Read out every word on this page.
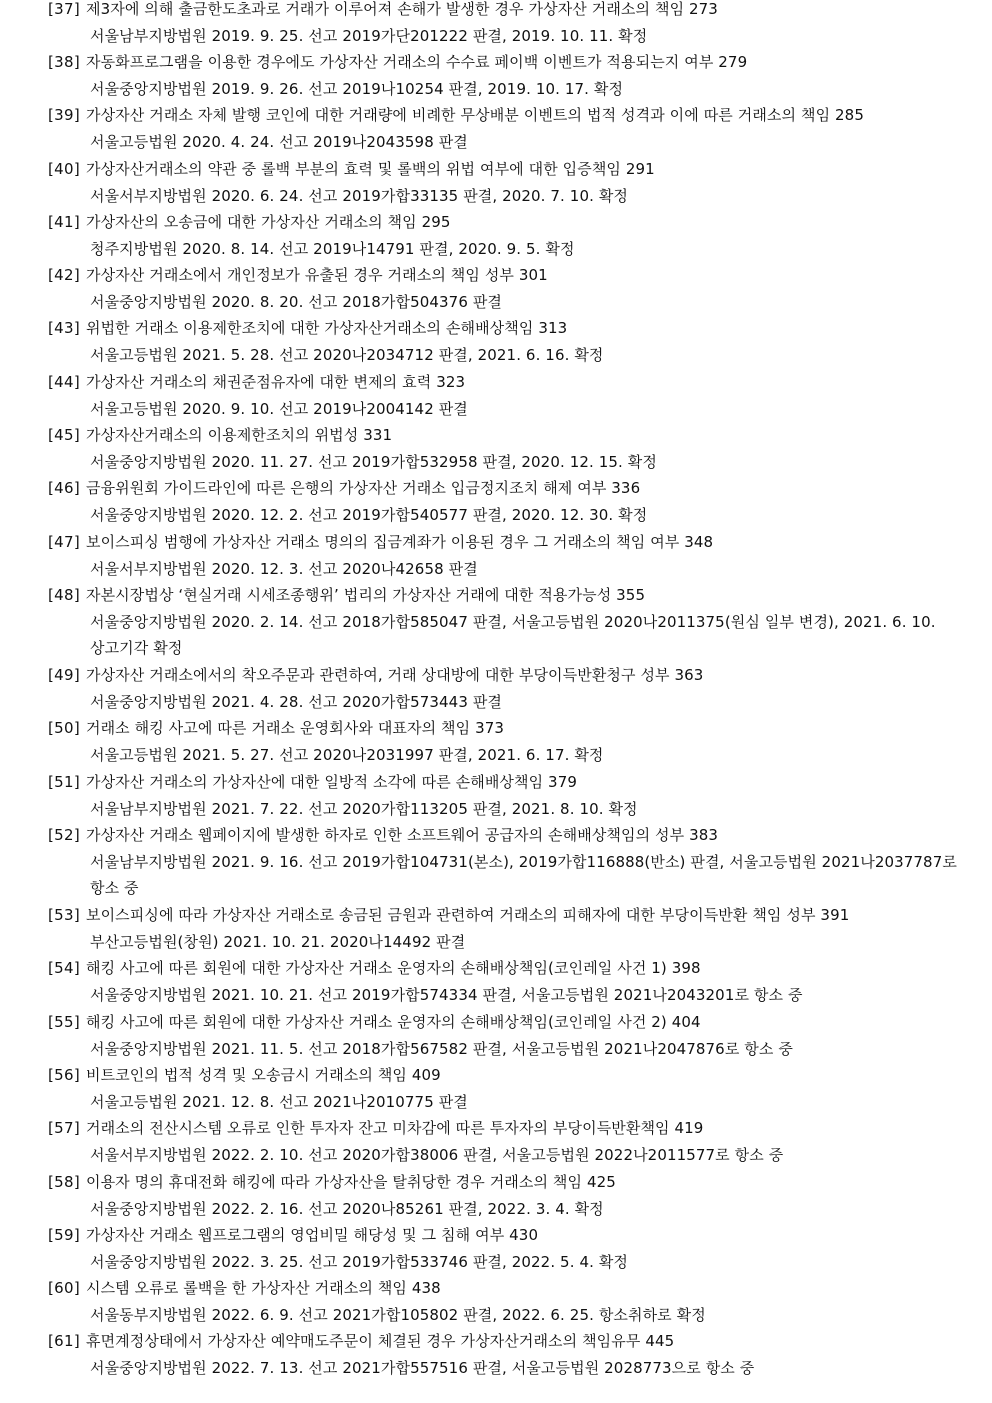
[37] 제3자에 의해 출금한도초과로 거래가 이루어져 손해가 발생한 경우 가상자산 거래소의 책임 273
서울남부지방법원 2019. 9. 25. 선고 2019가단201222 판결, 2019. 10. 11. 확정
[38] 자동화프로그램을 이용한 경우에도 가상자산 거래소의 수수료 페이백 이벤트가 적용되는지 여부 279
서울중앙지방법원 2019. 9. 26. 선고 2019나10254 판결, 2019. 10. 17. 확정
[39] 가상자산 거래소 자체 발행 코인에 대한 거래량에 비례한 무상배분 이벤트의 법적 성격과 이에 따른 거래소의 책임 285
서울고등법원 2020. 4. 24. 선고 2019나2043598 판결
[40] 가상자산거래소의 약관 중 롤백 부분의 효력 및 롤백의 위법 여부에 대한 입증책임 291
서울서부지방법원 2020. 6. 24. 선고 2019가합33135 판결, 2020. 7. 10. 확정
[41] 가상자산의 오송금에 대한 가상자산 거래소의 책임 295
청주지방법원 2020. 8. 14. 선고 2019나14791 판결, 2020. 9. 5. 확정
[42] 가상자산 거래소에서 개인정보가 유출된 경우 거래소의 책임 성부 301
서울중앙지방법원 2020. 8. 20. 선고 2018가합504376 판결
[43] 위법한 거래소 이용제한조치에 대한 가상자산거래소의 손해배상책임 313
서울고등법원 2021. 5. 28. 선고 2020나2034712 판결, 2021. 6. 16. 확정
[44] 가상자산 거래소의 채권준점유자에 대한 변제의 효력 323
서울고등법원 2020. 9. 10. 선고 2019나2004142 판결
[45] 가상자산거래소의 이용제한조치의 위법성 331
서울중앙지방법원 2020. 11. 27. 선고 2019가합532958 판결, 2020. 12. 15. 확정
[46] 금융위원회 가이드라인에 따른 은행의 가상자산 거래소 입금정지조치 해제 여부 336
서울중앙지방법원 2020. 12. 2. 선고 2019가합540577 판결, 2020. 12. 30. 확정
[47] 보이스피싱 범행에 가상자산 거래소 명의의 집금계좌가 이용된 경우 그 거래소의 책임 여부 348
서울서부지방법원 2020. 12. 3. 선고 2020나42658 판결
[48] 자본시장법상 ‘현실거래 시세조종행위’ 법리의 가상자산 거래에 대한 적용가능성 355
서울중앙지방법원 2020. 2. 14. 선고 2018가합585047 판결, 서울고등법원 2020나2011375(원심 일부 변경), 2021. 6. 10. 상고기각 확정
[49] 가상자산 거래소에서의 착오주문과 관련하여, 거래 상대방에 대한 부당이득반환청구 성부 363
서울중앙지방법원 2021. 4. 28. 선고 2020가합573443 판결
[50] 거래소 해킹 사고에 따른 거래소 운영회사와 대표자의 책임 373
서울고등법원 2021. 5. 27. 선고 2020나2031997 판결, 2021. 6. 17. 확정
[51] 가상자산 거래소의 가상자산에 대한 일방적 소각에 따른 손해배상책임 379
서울남부지방법원 2021. 7. 22. 선고 2020가합113205 판결, 2021. 8. 10. 확정
[52] 가상자산 거래소 웹페이지에 발생한 하자로 인한 소프트웨어 공급자의 손해배상책임의 성부 383
서울남부지방법원 2021. 9. 16. 선고 2019가합104731(본소), 2019가합116888(반소) 판결, 서울고등법원 2021나2037787로 항소 중
[53] 보이스피싱에 따라 가상자산 거래소로 송금된 금원과 관련하여 거래소의 피해자에 대한 부당이득반환 책임 성부 391
부산고등법원(창원) 2021. 10. 21. 2020나14492 판결
[54] 해킹 사고에 따른 회원에 대한 가상자산 거래소 운영자의 손해배상책임(코인레일 사건 1) 398
서울중앙지방법원 2021. 10. 21. 선고 2019가합574334 판결, 서울고등법원 2021나2043201로 항소 중
[55] 해킹 사고에 따른 회원에 대한 가상자산 거래소 운영자의 손해배상책임(코인레일 사건 2) 404
서울중앙지방법원 2021. 11. 5. 선고 2018가합567582 판결, 서울고등법원 2021나2047876로 항소 중
[56] 비트코인의 법적 성격 및 오송금시 거래소의 책임 409
서울고등법원 2021. 12. 8. 선고 2021나2010775 판결
[57] 거래소의 전산시스템 오류로 인한 투자자 잔고 미차감에 따른 투자자의 부당이득반환책임 419
서울서부지방법원 2022. 2. 10. 선고 2020가합38006 판결, 서울고등법원 2022나2011577로 항소 중
[58] 이용자 명의 휴대전화 해킹에 따라 가상자산을 탈취당한 경우 거래소의 책임 425
서울중앙지방법원 2022. 2. 16. 선고 2020나85261 판결, 2022. 3. 4. 확정
[59] 가상자산 거래소 웹프로그램의 영업비밀 해당성 및 그 침해 여부 430
서울중앙지방법원 2022. 3. 25. 선고 2019가합533746 판결, 2022. 5. 4. 확정
[60] 시스템 오류로 롤백을 한 가상자산 거래소의 책임 438
서울동부지방법원 2022. 6. 9. 선고 2021가합105802 판결, 2022. 6. 25. 항소취하로 확정
[61] 휴면계정상태에서 가상자산 예약매도주문이 체결된 경우 가상자산거래소의 책임유무 445
서울중앙지방법원 2022. 7. 13. 선고 2021가합557516 판결, 서울고등법원 2028773으로 항소 중
